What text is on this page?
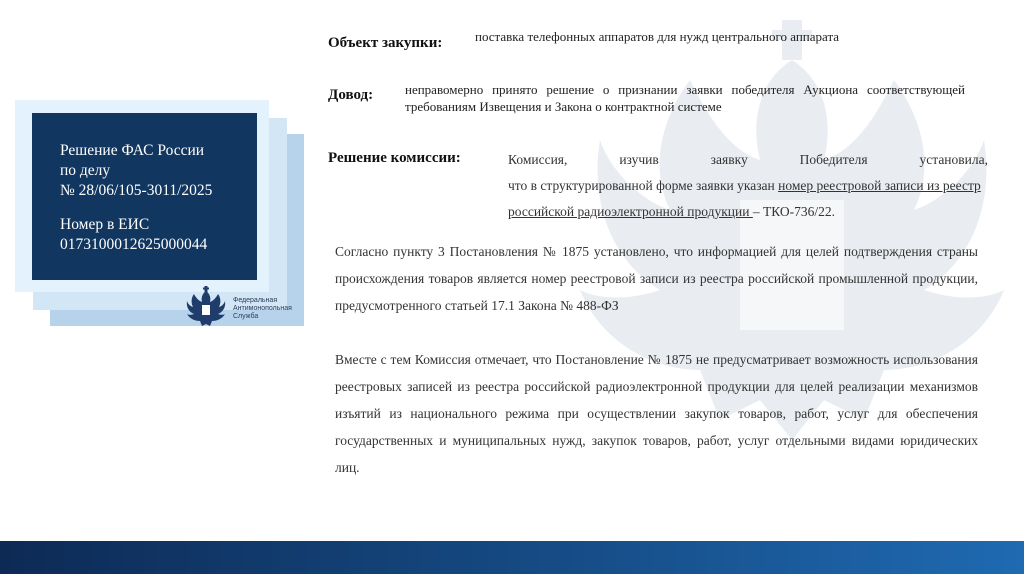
Решение ФАС России

по делу

№ 28/06/105-3011/2025

Номер в ЕИС

0173100012625000044

Федеральная
Антимонопольная
Служба
Объект закупки:	поставка телефонных аппаратов для нужд центрального аппарата
Довод: неправомерно принято решение о признании заявки победителя Аукциона соответствующей требованиям Извещения и Закона о контрактной системе
Решение комиссии:	Комиссия, изучив заявку Победителя установила,
что в структурированной форме заявки указан номер реестровой записи из реестр российской радиоэлектронной продукции – ТКО-736/22.
Согласно пункту 3 Постановления № 1875 установлено, что информацией для целей подтверждения страны происхождения товаров является номер реестровой записи из реестра российской промышленной продукции, предусмотренного статьей 17.1 Закона № 488-ФЗ
Вместе с тем Комиссия отмечает, что Постановление № 1875 не предусматривает возможность использования реестровых записей из реестра российской радиоэлектронной продукции для целей реализации механизмов изъятий из национального режима при осуществлении закупок товаров, работ, услуг для обеспечения государственных и муниципальных нужд, закупок товаров, работ, услуг отдельными видами юридических лиц.
